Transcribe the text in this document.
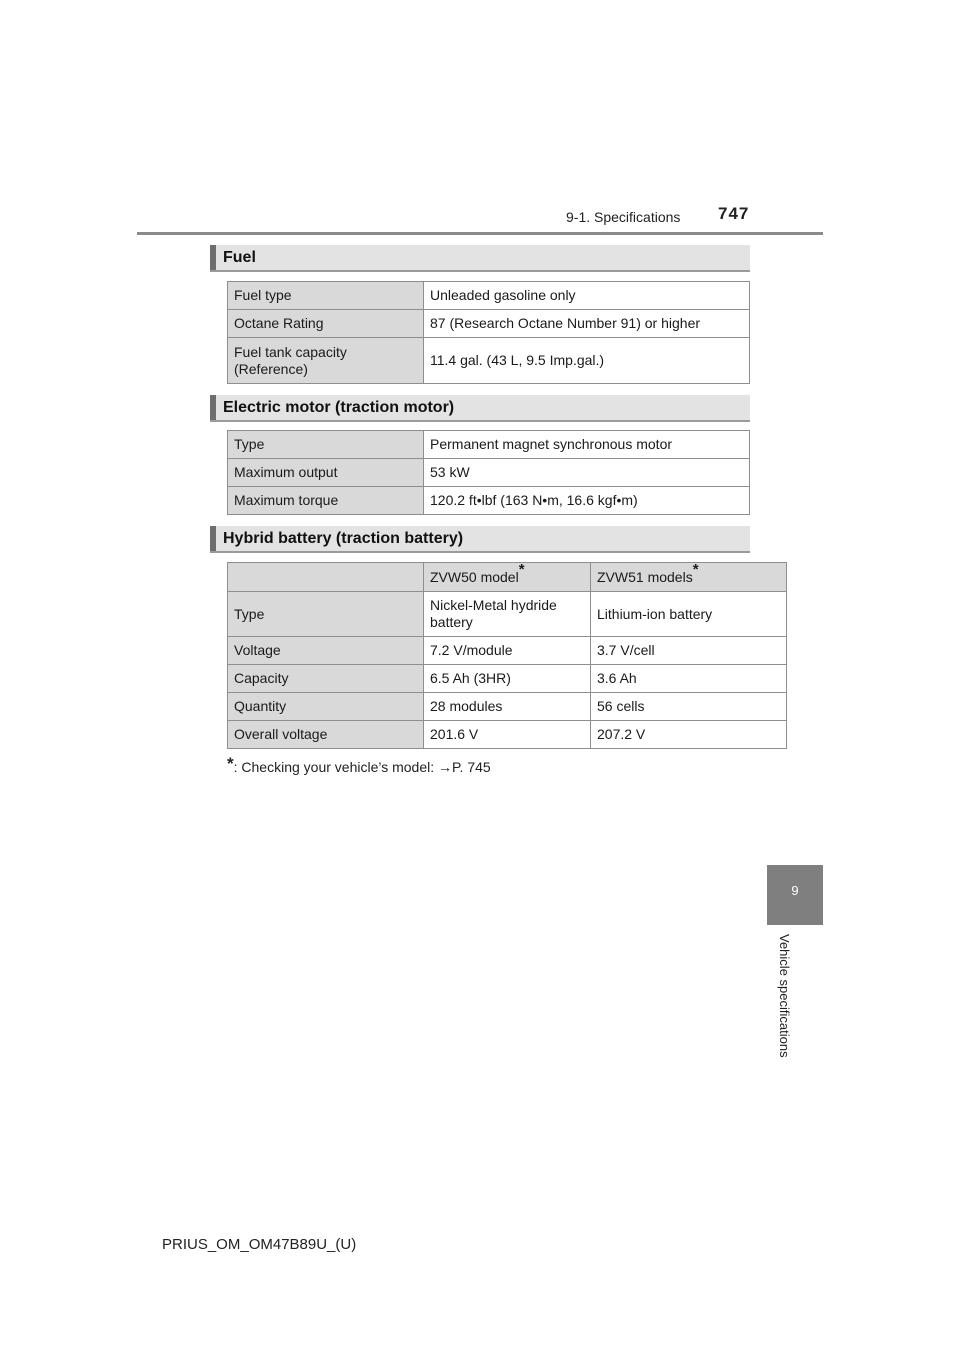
9-1. Specifications 747
9
Vehicle specifications
Fuel
Fuel type	Unleaded gasoline only
Octane Rating	87 (Research Octane Number 91) or higher
Fuel tank capacity (Reference)	11.4 gal. (43 L, 9.5 Imp.gal.)
Electric motor (traction motor)
Type	Permanent magnet synchronous motor
Maximum output	53 kW
Maximum torque	120.2 ft•lbf (163 N•m, 16.6 kgf•m)
Hybrid battery (traction battery)
	ZVW50 model*	ZVW51 models*
Type	Nickel-Metal hydride battery	Lithium-ion battery
Voltage	7.2 V/module	3.7 V/cell
Capacity	6.5 Ah (3HR)	3.6 Ah
Quantity	28 modules	56 cells
Overall voltage	201.6 V	207.2 V
*: Checking your vehicle’s model: →P. 745
PRIUS_OM_OM47B89U_(U)
